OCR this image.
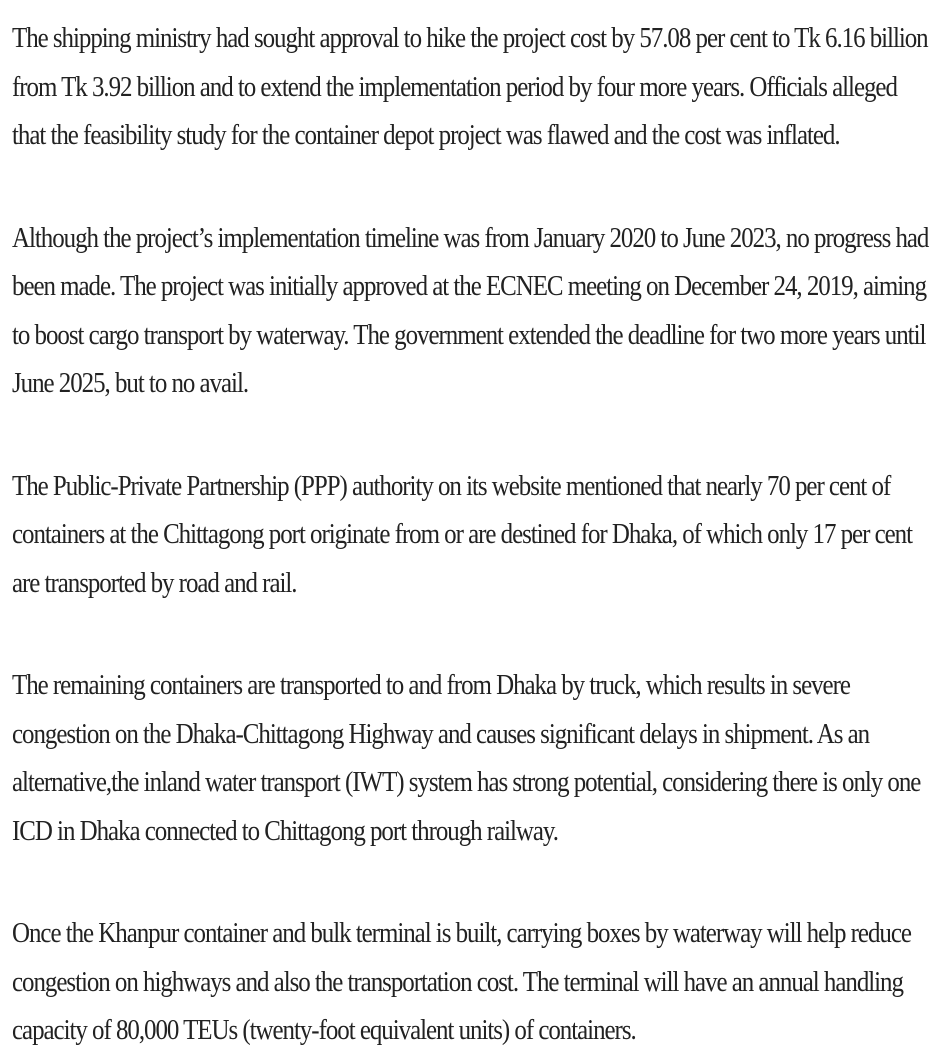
The shipping ministry had sought approval to hike the project cost by 57.08 per cent to Tk 6.16 billion from Tk 3.92 billion and to extend the implementation period by four more years. Officials alleged that the feasibility study for the container depot project was flawed and the cost was inflated.

Although the project’s implementation timeline was from January 2020 to June 2023, no progress had been made. The project was initially approved at the ECNEC meeting on December 24, 2019, aiming to boost cargo transport by waterway. The government extended the deadline for two more years until June 2025, but to no avail.

The Public-Private Partnership (PPP) authority on its website mentioned that nearly 70 per cent of containers at the Chittagong port originate from or are destined for Dhaka, of which only 17 per cent are transported by road and rail.

The remaining containers are transported to and from Dhaka by truck, which results in severe congestion on the Dhaka-Chittagong Highway and causes significant delays in shipment. As an alternative,the inland water transport (IWT) system has strong potential, considering there is only one ICD in Dhaka connected to Chittagong port through railway.

Once the Khanpur container and bulk terminal is built, carrying boxes by waterway will help reduce congestion on highways and also the transportation cost. The terminal will have an annual handling capacity of 80,000 TEUs (twenty-foot equivalent units) of containers.
